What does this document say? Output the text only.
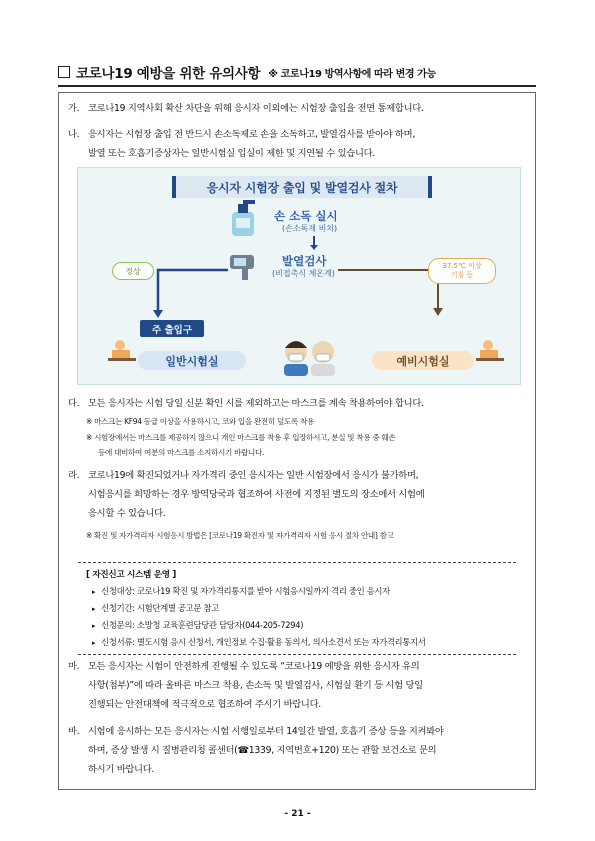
코로나19 예방을 위한 유의사항 ※ 코로나19 방역사항에 따라 변경 가능
가. 코로나19 지역사회 확산 차단을 위해 응시자 이외에는 시험장 출입을 전면 통제합니다.
나. 응시자는 시험장 출입 전 반드시 손소독제로 손을 소독하고, 발열검사를 받아야 하며,
발열 또는 호흡기증상자는 일반시험실 입실이 제한 및 지연될 수 있습니다.
응시자 시험장 출입 및 발열검사 절차
손 소독 실시
(손소독제 비치)
발열검사
(비접촉식 체온계)
정상
37.5℃ 이상
기침 등
주 출입구
일반시험실	예비시험실
다. 모든 응시자는 시험 당일 신분 확인 시를 제외하고는 마스크를 계속 착용하여야 합니다.
※ 마스크는 KF94 등급 이상을 사용하시고, 코와 입을 완전히 덮도록 착용
※ 시험장에서는 마스크를 제공하지 않으니 개인 마스크를 착용 후 입장하시고, 분실 및 착용 중 훼손
등에 대비하여 여분의 마스크를 소지하시기 바랍니다.
라. 코로나19에 확진되었거나 자가격리 중인 응시자는 일반 시험장에서 응시가 불가하며,
시험응시를 희망하는 경우 방역당국과 협조하여 사전에 지정된 별도의 장소에서 시험에
응시할 수 있습니다.
※ 확진 및 자가격리자 시험응시 방법은 [코로나19 확진자 및 자가격리자 시험 응시 절차 안내] 참고
[ 자진신고 시스템 운영 ]
▸ 신청대상: 코로나19 확진 및 자가격리통지를 받아 시험응시일까지 격리 중인 응시자
▸ 신청기간: 시험단계별 공고문 참고
▸ 신청문의: 소방청 교육훈련담당관 담당자(044-205-7294)
▸ 신청서류: 별도시험 응시 신청서, 개인정보 수집·활용 동의서, 의사소견서 또는 자가격리통지서
마. 모든 응시자는 시험이 안전하게 진행될 수 있도록 “코로나19 예방을 위한 응시자 유의
사항(첨부)”에 따라 올바른 마스크 착용, 손소독 및 발열검사, 시험실 환기 등 시험 당일
진행되는 안전대책에 적극적으로 협조하여 주시기 바랍니다.
바. 시험에 응시하는 모든 응시자는 시험 시행일로부터 14일간 발열, 호흡기 증상 등을 지켜봐야
하며, 증상 발생 시 질병관리청 콜센터(☎1339, 지역번호+120) 또는 관할 보건소로 문의
하시기 바랍니다.
- 21 -
